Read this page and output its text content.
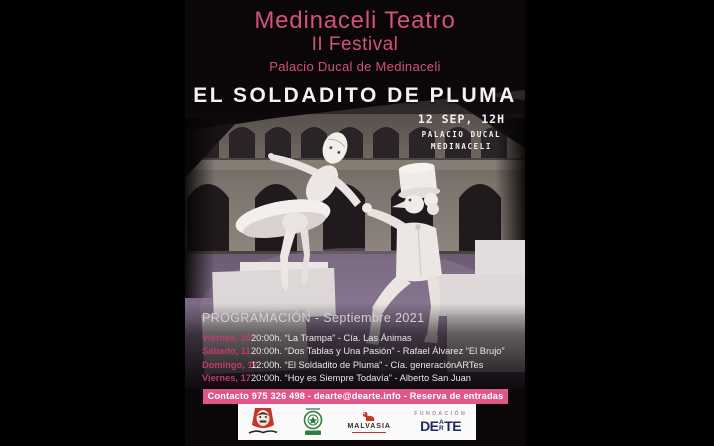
Medinaceli Teatro
II Festival
Palacio Ducal de Medinaceli
EL SOLDADITO DE PLUMA
12 SEP, 12H
PALACIO DUCAL
MEDINACELI
PROGRAMACIÓN - Septiembre 2021
Viernes, 10 20:00h. “La Trampa” - Cía. Las Ánimas
Sábado, 11 20:00h. “Dos Tablas y Una Pasión” - Rafael Álvarez “El Brujo”
Domingo, 12
12:00h. “El Soldadito de Pluma” - Cía. generaciónARTes
Viernes, 17 20:00h. “Hoy es Siempre Todavía” - Alberto San Juan
Contacto 975 326 498 - dearte@dearte.info - Reserva de entradas
MALVASIA
FUNDACIÓN
DE A
R TE
